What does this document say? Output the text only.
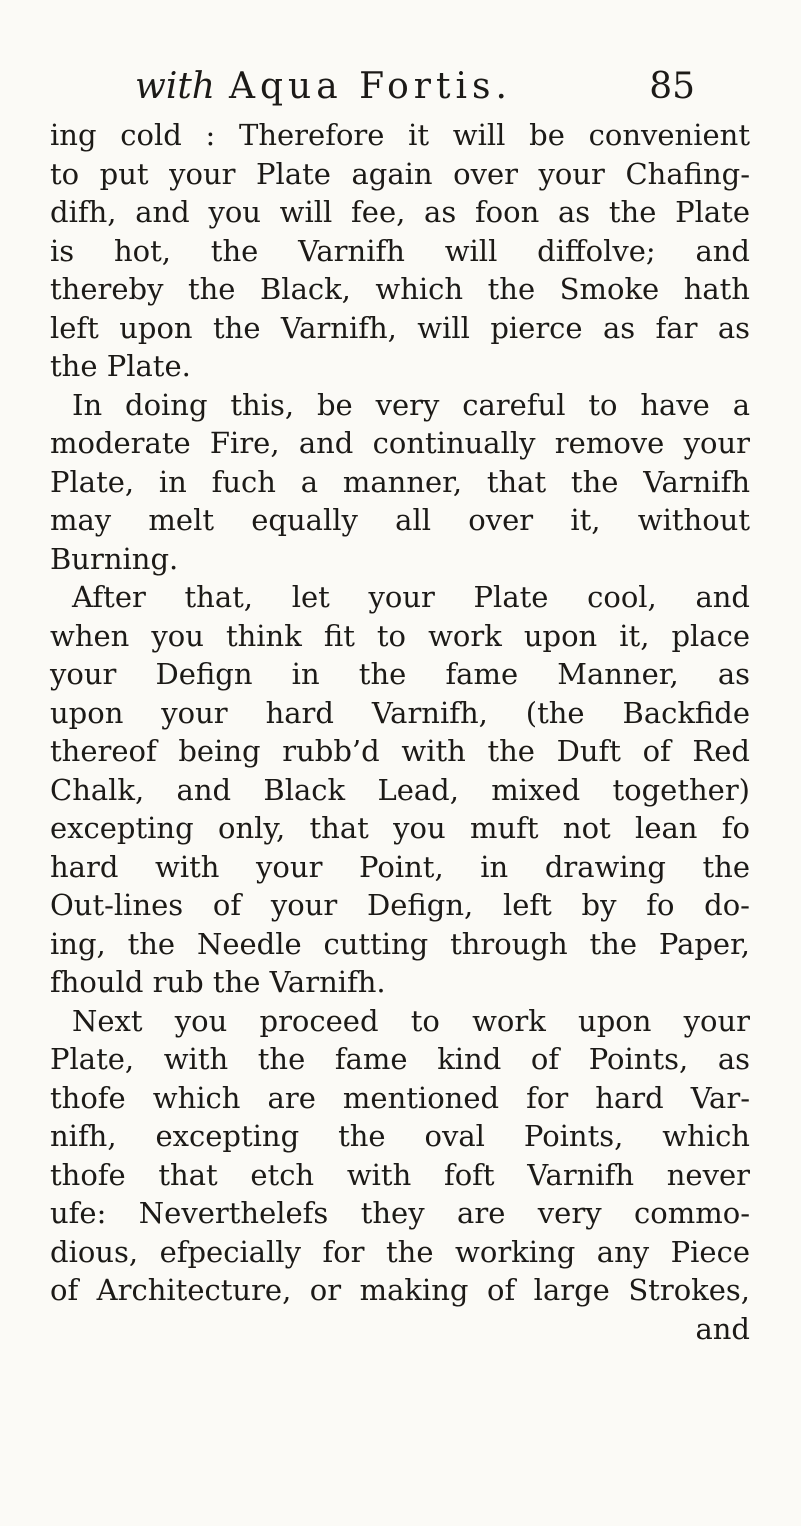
with Aqua Fortis.	85
ing cold : Therefore it will be convenient
to put your Plate again over your Chafing-
difh, and you will fee, as foon as the Plate
is hot, the Varnifh will diffolve; and
thereby the Black, which the Smoke hath
left upon the Varnifh, will pierce as far as
the Plate.
In doing this, be very careful to have a
moderate Fire, and continually remove your
Plate, in fuch a manner, that the Varnifh
may melt equally all over it, without
Burning.
After that, let your Plate cool, and
when you think fit to work upon it, place
your Defign in the fame Manner, as
upon your hard Varnifh, (the Backfide
thereof being rubb’d with the Duft of Red
Chalk, and Black Lead, mixed together)
excepting only, that you muft not lean fo
hard with your Point, in drawing the
Out-lines of your Defign, left by fo do-
ing, the Needle cutting through the Paper,
fhould rub the Varnifh.
Next you proceed to work upon your
Plate, with the fame kind of Points, as
thofe which are mentioned for hard Var-
nifh, excepting the oval Points, which
thofe that etch with foft Varnifh never
ufe: Neverthelefs they are very commo-
dious, efpecially for the working any Piece
of Architecture, or making of large Strokes,
and
